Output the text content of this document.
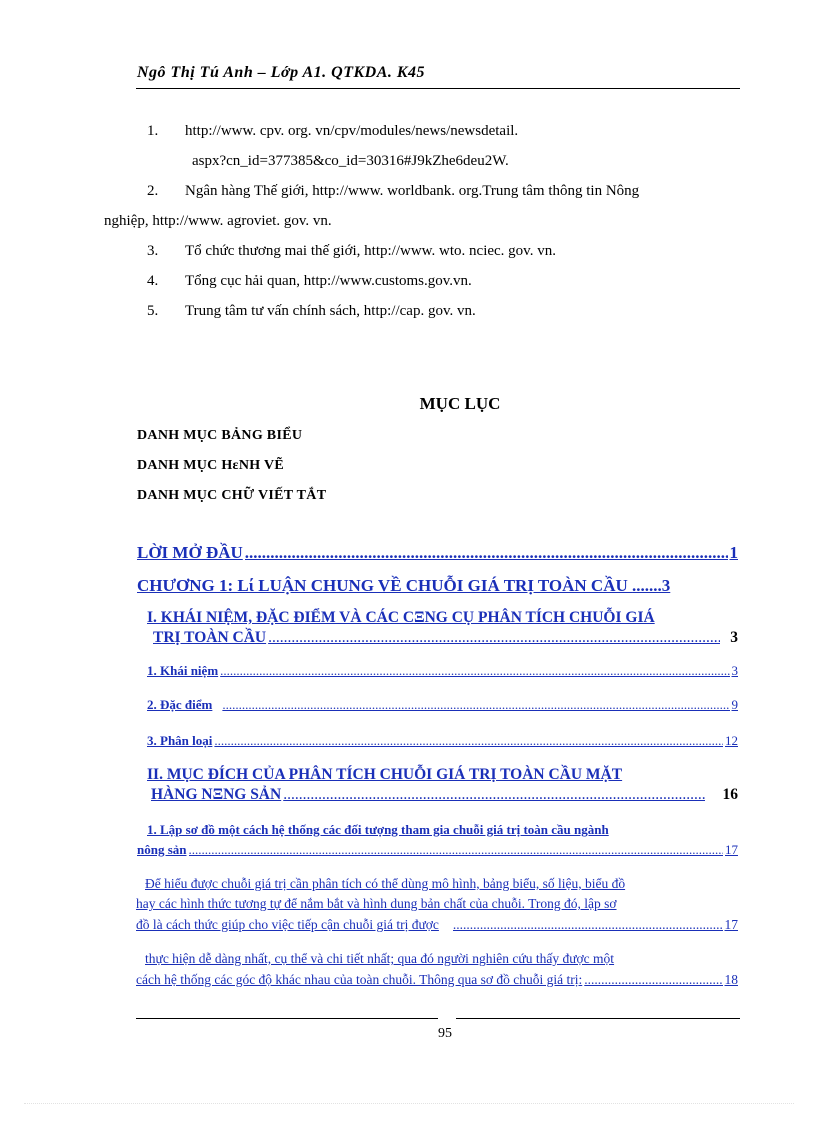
Ngô Thị Tú Anh – Lớp A1. QTKDA. K45
1. http://www. cpv. org. vn/cpv/modules/news/newsdetail.
aspx?cn_id=377385&co_id=30316#J9kZhe6deu2W.
2. Ngân hàng Thế giới, http://www. worldbank. org.Trung tâm thông tin Nông
nghiệp, http://www. agroviet. gov. vn.
3. Tổ chức thương mai thế giới, http://www. wto. nciec. gov. vn.
4. Tổng cục hải quan, http://www.customs.gov.vn.
5. Trung tâm tư vấn chính sách, http://cap. gov. vn.
MỤC LỤC
DANH MỤC BẢNG BIỂU
DANH MỤC HεNH VẼ
DANH MỤC CHỮ VIẾT TẮT
LỜI MỞ ĐẦU .....	1
CHƯƠNG 1: Lί LUẬN CHUNG VỀ CHUỖI GIÁ TRỊ TOÀN CẦU .......3
I. KHÁI NIỆM, ĐẶC ĐIỂM VÀ CÁC CΞNG CỤ PHÂN TÍCH CHUỖI GIÁ
TRỊ TOÀN CẦU .....	3
1. Khái niệm .....	3
2. Đặc điểm .....	9
3. Phân loại .....	12
II. MỤC ĐÍCH CỦA PHÂN TÍCH CHUỖI GIÁ TRỊ TOÀN CẦU MẶT
HÀNG NΞNG SẢN .....	16
1. Lập sơ đồ một cách hệ thống các đối tượng tham gia chuỗi giá trị toàn cầu ngành
nông sản .....	17
Để hiểu được chuỗi giá trị cần phân tích có thể dùng mô hình, bảng biểu, số liệu, biểu đồ
hay các hình thức tương tự để nắm bắt và hình dung bản chất của chuỗi. Trong đó, lập sơ
đồ là cách thức giúp cho việc tiếp cận chuỗi giá trị được .....	17
thực hiện dễ dàng nhất, cụ thể và chi tiết nhất; qua đó người nghiên cứu thấy được một
cách hệ thống các góc độ khác nhau của toàn chuỗi. Thông qua sơ đồ chuỗi giá trị: .....	18
95
